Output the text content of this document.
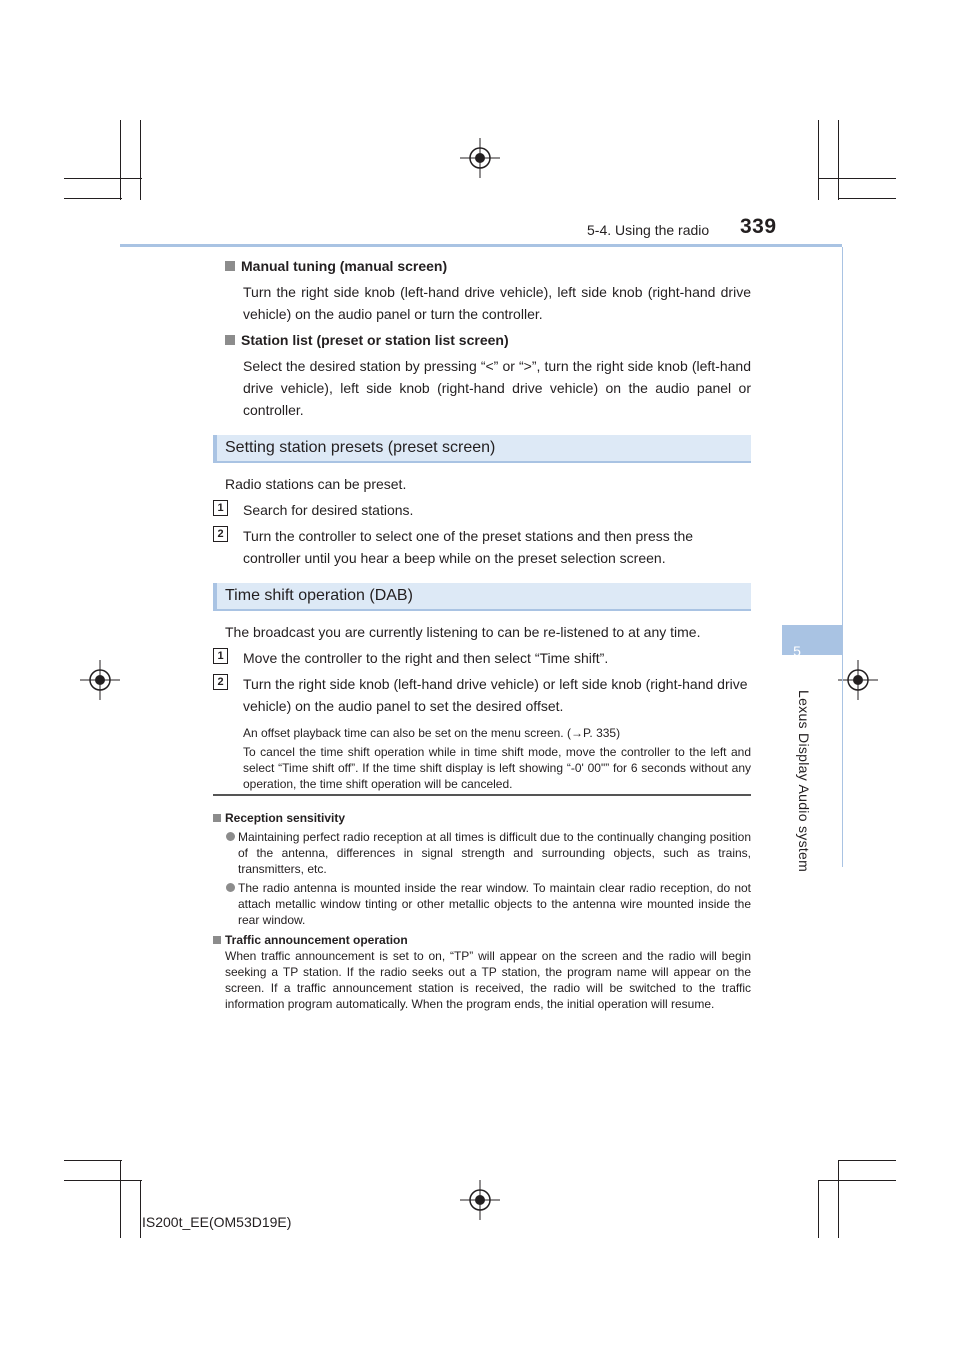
5-4. Using the radio 339
5
Lexus Display Audio system
Manual tuning (manual screen)
Turn the right side knob (left-hand drive vehicle), left side knob (right-hand drive vehicle) on the audio panel or turn the controller.
Station list (preset or station list screen)
Select the desired station by pressing “<” or “>”, turn the right side knob (left-hand drive vehicle), left side knob (right-hand drive vehicle) on the audio panel or controller.
Setting station presets (preset screen)
Radio stations can be preset.
1	Search for desired stations.
2	Turn the controller to select one of the preset stations and then press the controller until you hear a beep while on the preset selection screen.
Time shift operation (DAB)
The broadcast you are currently listening to can be re-listened to at any time.
1	Move the controller to the right and then select “Time shift”.
2	Turn the right side knob (left-hand drive vehicle) or left side knob (right-hand drive vehicle) on the audio panel to set the desired offset.
An offset playback time can also be set on the menu screen. (→P. 335)
To cancel the time shift operation while in time shift mode, move the controller to the left and select “Time shift off”. If the time shift display is left showing “-0' 00"” for 6 seconds without any operation, the time shift operation will be canceled.
Reception sensitivity
Maintaining perfect radio reception at all times is difficult due to the continually changing position of the antenna, differences in signal strength and surrounding objects, such as trains, transmitters, etc.
The radio antenna is mounted inside the rear window. To maintain clear radio reception, do not attach metallic window tinting or other metallic objects to the antenna wire mounted inside the rear window.
Traffic announcement operation
When traffic announcement is set to on, “TP” will appear on the screen and the radio will begin seeking a TP station. If the radio seeks out a TP station, the program name will appear on the screen. If a traffic announcement station is received, the radio will be switched to the traffic information program automatically. When the program ends, the initial operation will resume.
IS200t_EE(OM53D19E)
